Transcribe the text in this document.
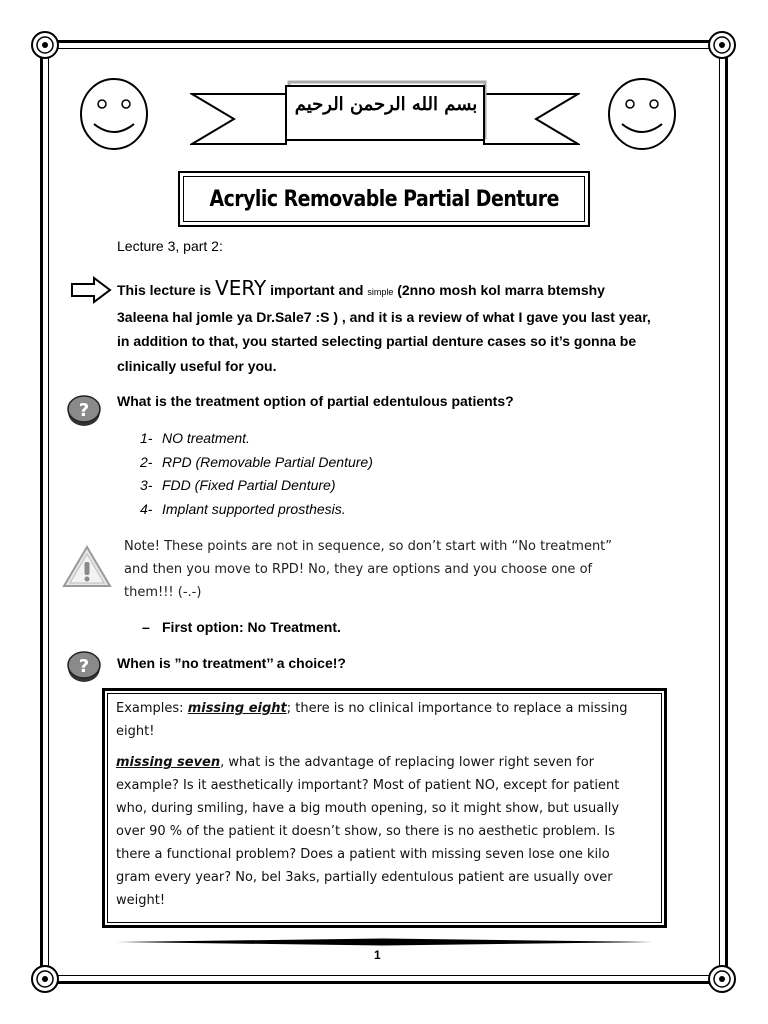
بسم الله الرحمن الرحيم
Acrylic Removable Partial Denture
Lecture 3, part 2:
This lecture is VERY important and simple (2nno mosh kol marra btemshy 3aleena hal jomle ya Dr.Sale7 :S ) , and it is a review of what I gave you last year, in addition to that, you started selecting partial denture cases so it’s gonna be clinically useful for you.
? What is the treatment option of partial edentulous patients?
1- NO treatment.
2- RPD (Removable Partial Denture)
3- FDD (Fixed Partial Denture)
4- Implant supported prosthesis.
Note! These points are not in sequence, so don’t start with “No treatment” and then you move to RPD! No, they are options and you choose one of them!!! (-.-)
– First option: No Treatment.
? When is ”no treatment’’ a choice!?

Examples: missing eight; there is no clinical importance to replace a missing eight!

missing seven, what is the advantage of replacing lower right seven for example? Is it aesthetically important? Most of patient NO, except for patient who, during smiling, have a big mouth opening, so it might show, but usually over 90 % of the patient it doesn’t show, so there is no aesthetic problem. Is there a functional problem? Does a patient with missing seven lose one kilo gram every year? No, bel 3aks, partially edentulous patient are usually over weight!

1
